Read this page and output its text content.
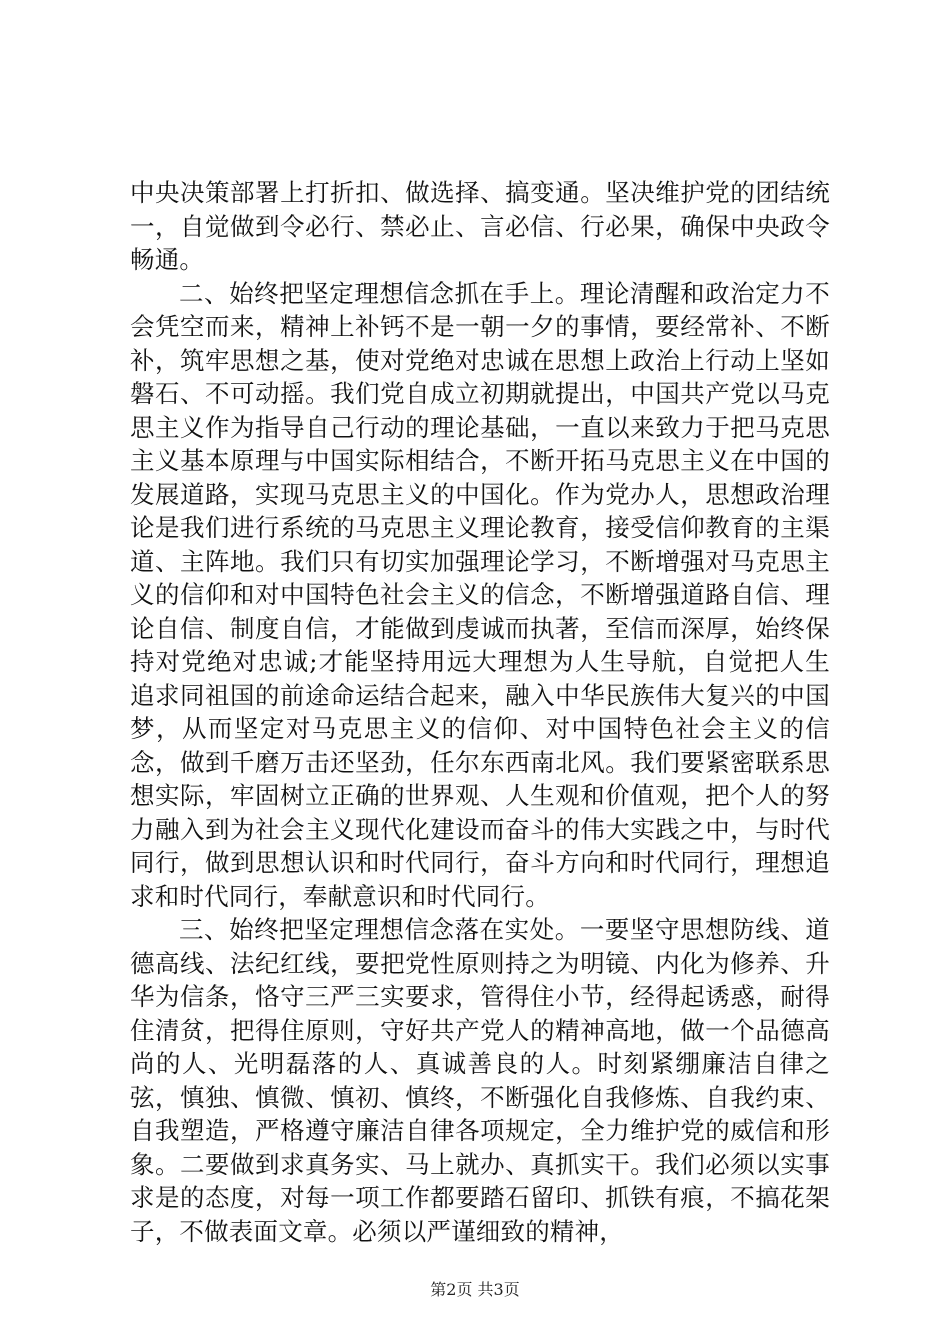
中央决策部署上打折扣、做选择、搞变通。坚决维护党的团结统一，自觉做到令必行、禁必止、言必信、行必果，确保中央政令畅通。

二、始终把坚定理想信念抓在手上。理论清醒和政治定力不会凭空而来，精神上补钙不是一朝一夕的事情，要经常补、不断补，筑牢思想之基，使对党绝对忠诚在思想上政治上行动上坚如磐石、不可动摇。我们党自成立初期就提出，中国共产党以马克思主义作为指导自己行动的理论基础，一直以来致力于把马克思主义基本原理与中国实际相结合，不断开拓马克思主义在中国的发展道路，实现马克思主义的中国化。作为党办人，思想政治理论是我们进行系统的马克思主义理论教育，接受信仰教育的主渠道、主阵地。我们只有切实加强理论学习，不断增强对马克思主义的信仰和对中国特色社会主义的信念，不断增强道路自信、理论自信、制度自信，才能做到虔诚而执著，至信而深厚，始终保持对党绝对忠诚;才能坚持用远大理想为人生导航，自觉把人生追求同祖国的前途命运结合起来，融入中华民族伟大复兴的中国梦，从而坚定对马克思主义的信仰、对中国特色社会主义的信念，做到千磨万击还坚劲，任尔东西南北风。我们要紧密联系思想实际，牢固树立正确的世界观、人生观和价值观，把个人的努力融入到为社会主义现代化建设而奋斗的伟大实践之中，与时代同行，做到思想认识和时代同行，奋斗方向和时代同行，理想追求和时代同行，奉献意识和时代同行。

三、始终把坚定理想信念落在实处。一要坚守思想防线、道德高线、法纪红线，要把党性原则持之为明镜、内化为修养、升华为信条，恪守三严三实要求，管得住小节，经得起诱惑，耐得住清贫，把得住原则，守好共产党人的精神高地，做一个品德高尚的人、光明磊落的人、真诚善良的人。时刻紧绷廉洁自律之弦，慎独、慎微、慎初、慎终，不断强化自我修炼、自我约束、自我塑造，严格遵守廉洁自律各项规定，全力维护党的威信和形象。二要做到求真务实、马上就办、真抓实干。我们必须以实事求是的态度，对每一项工作都要踏石留印、抓铁有痕，不搞花架子，不做表面文章。必须以严谨细致的精神，

第2页 共3页
